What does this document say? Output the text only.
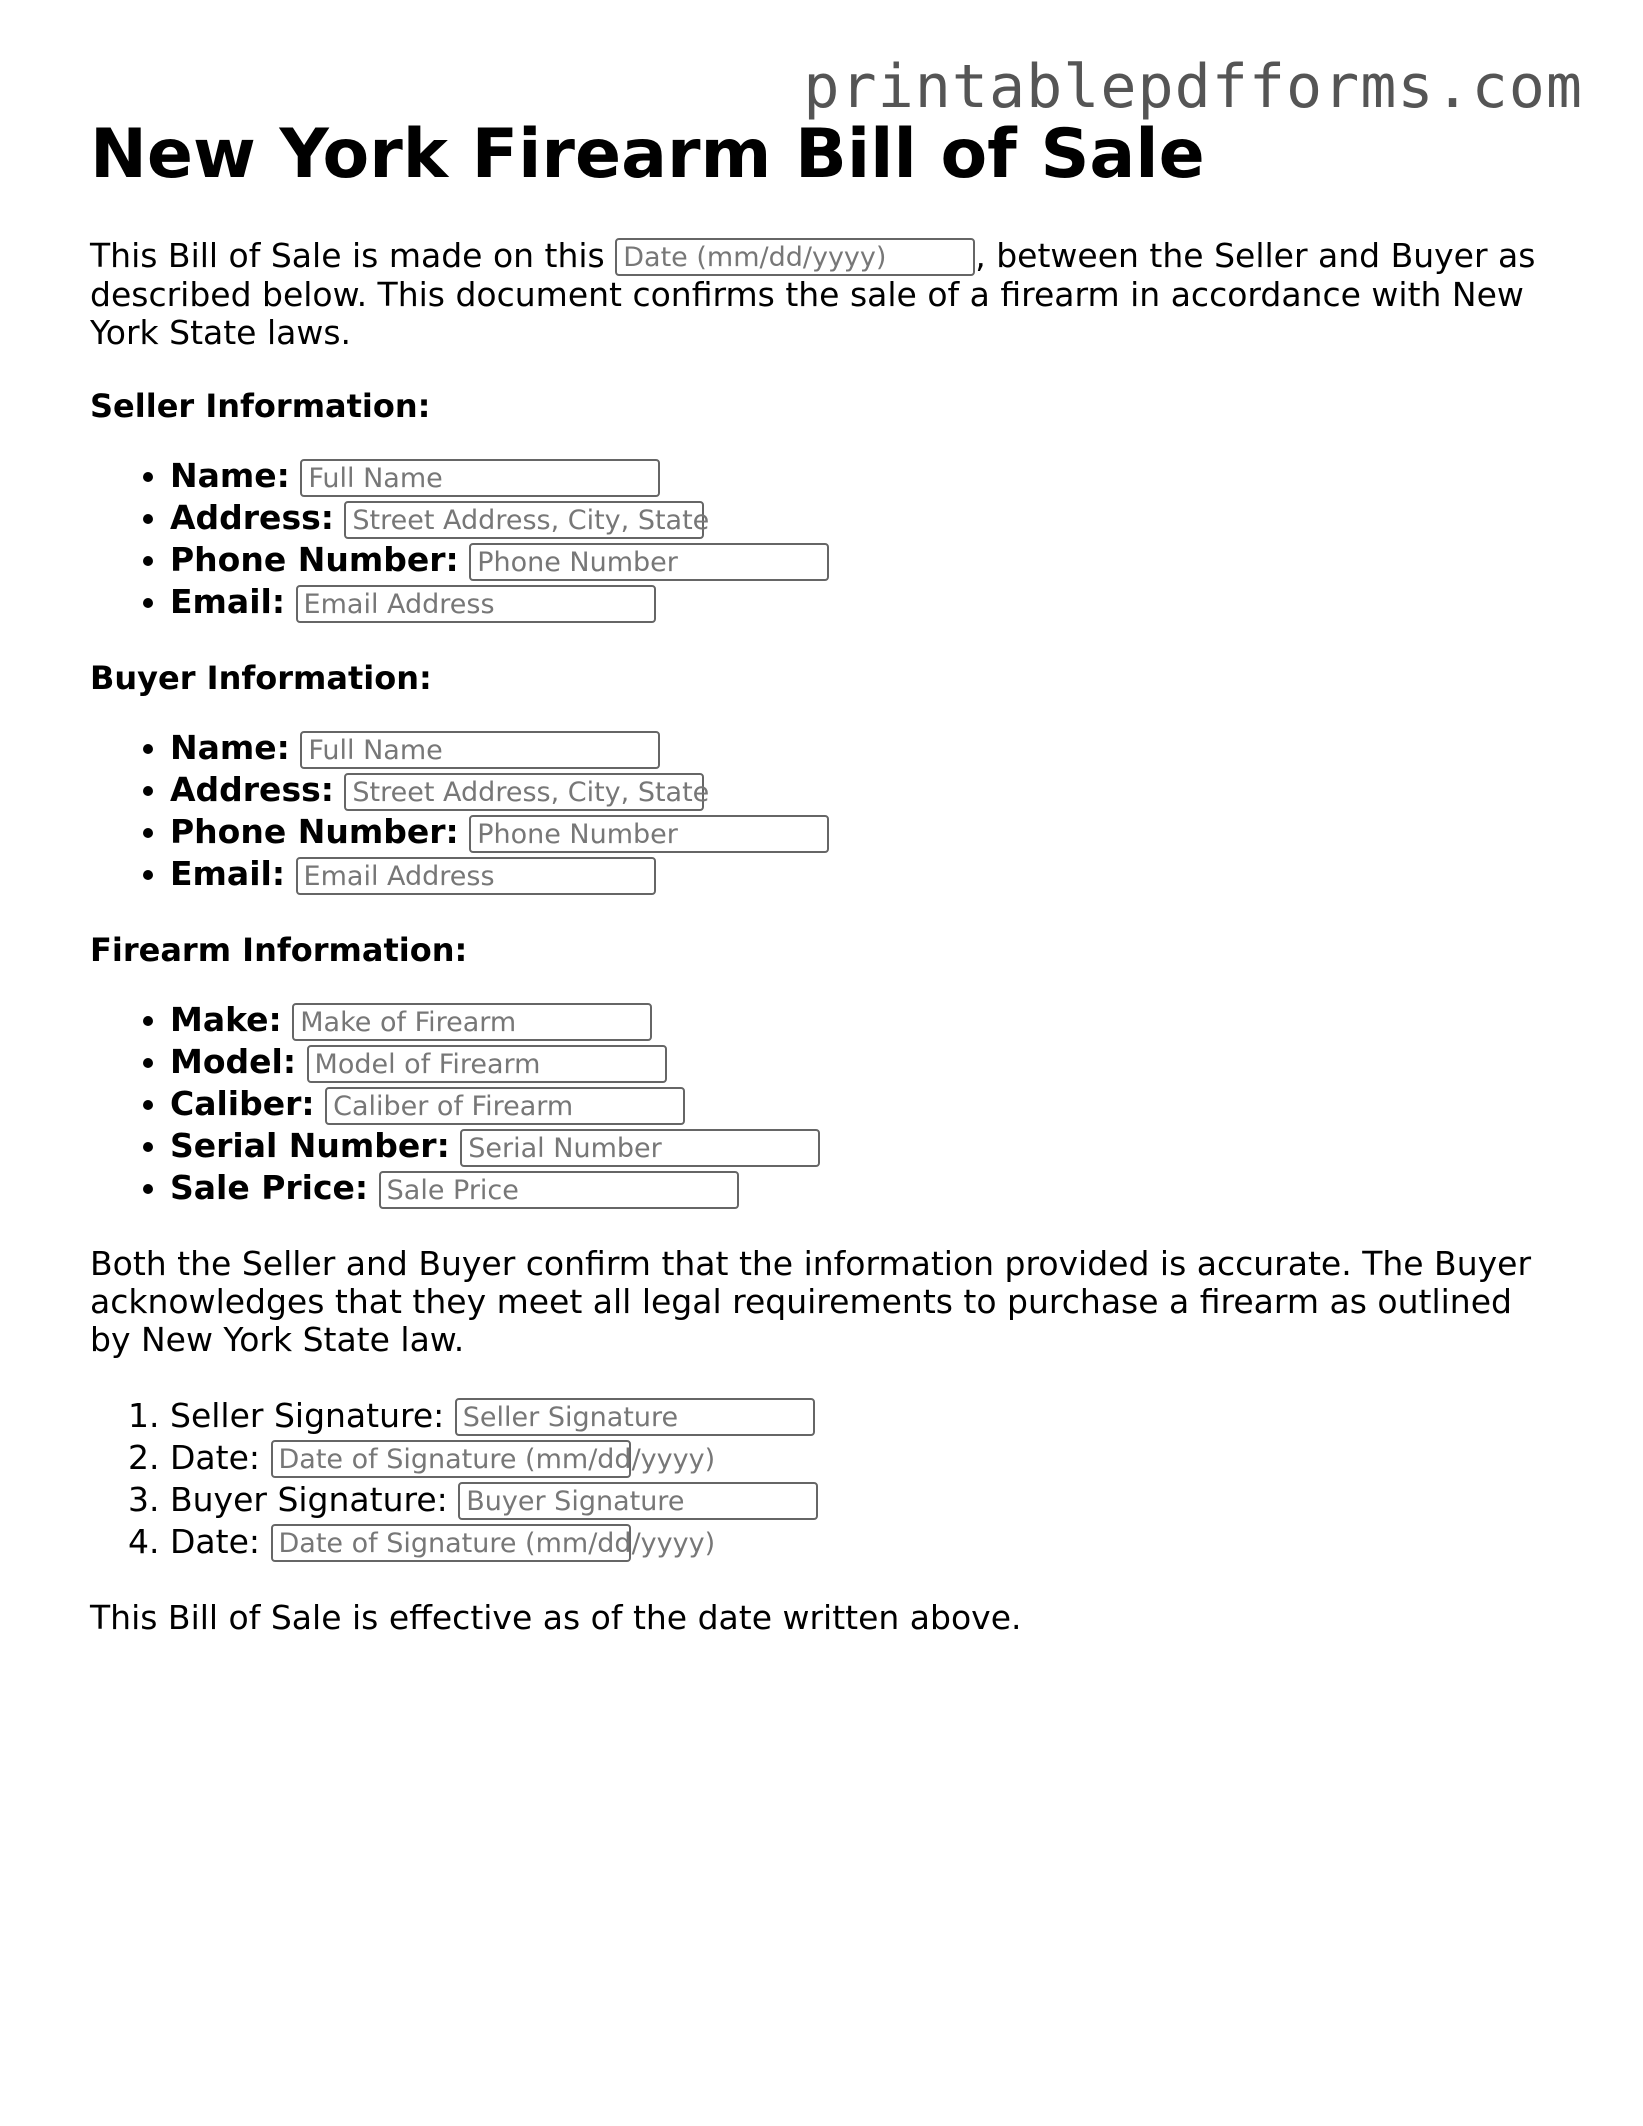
printablepdfforms.com
New York Firearm Bill of Sale

This Bill of Sale is made on this Date (mm/dd/yyyy)	, between the Seller and Buyer as described below. This document confirms the sale of a firearm in accordance with New York State laws.

Seller Information:
• Name: Full Name
• Address: Street Address, City, State
• Phone Number: Phone Number
• Email: Email Address
Buyer Information:
• Name: Full Name
• Address: Street Address, City, State
• Phone Number: Phone Number
• Email: Email Address
Firearm Information:
• Make: Make of Firearm
• Model: Model of Firearm
• Caliber: Caliber of Firearm
• Serial Number: Serial Number
• Sale Price: Sale Price

Both the Seller and Buyer confirm that the information provided is accurate. The Buyer acknowledges that they meet all legal requirements to purchase a firearm as outlined by New York State law.

1. Seller Signature: Seller Signature
2. Date: Date of Signature (mm/dd/yyyy)
3. Buyer Signature: Buyer Signature
4. Date: Date of Signature (mm/dd/yyyy)

This Bill of Sale is effective as of the date written above.
